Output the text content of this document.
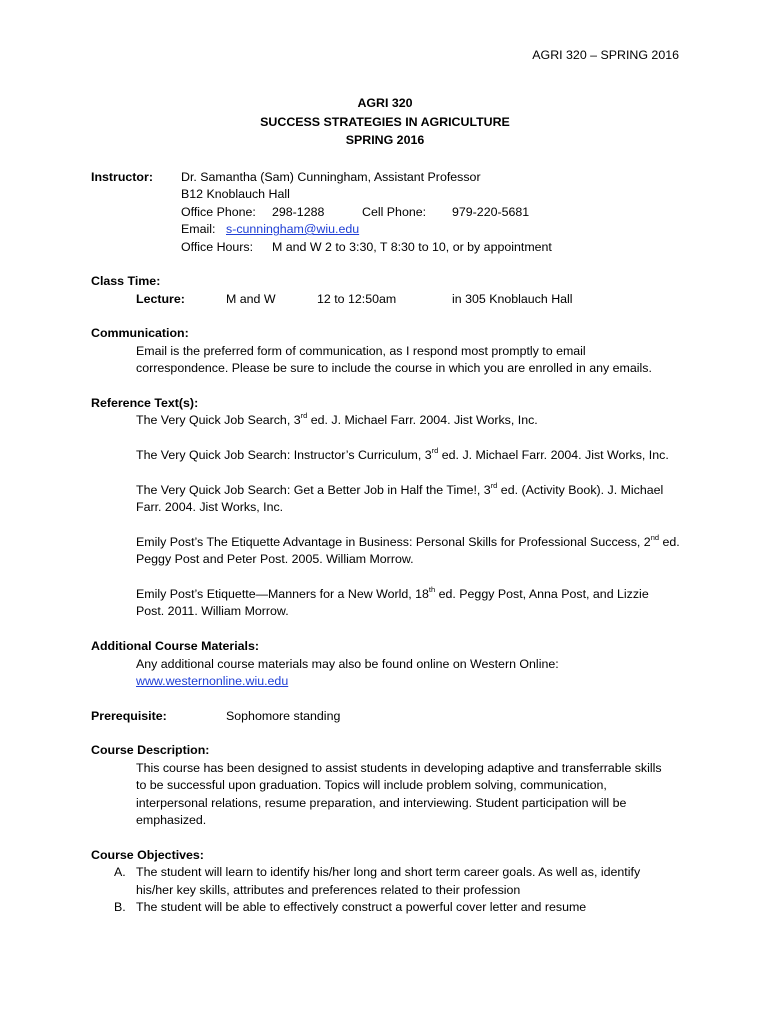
AGRI 320 – SPRING 2016
AGRI 320
SUCCESS STRATEGIES IN AGRICULTURE
SPRING 2016
Instructor: Dr. Samantha (Sam) Cunningham, Assistant Professor
B12 Knoblauch Hall
Office Phone: 298-1288	Cell Phone: 979-220-5681
Email: s-cunningham@wiu.edu
Office Hours: M and W 2 to 3:30, T 8:30 to 10, or by appointment
Class Time:
Lecture:	M and W	12 to 12:50am	in 305 Knoblauch Hall
Communication:
Email is the preferred form of communication, as I respond most promptly to email
correspondence. Please be sure to include the course in which you are enrolled in any emails.
Reference Text(s):
The Very Quick Job Search, 3rd ed. J. Michael Farr. 2004. Jist Works, Inc.
The Very Quick Job Search: Instructor’s Curriculum, 3rd ed. J. Michael Farr. 2004. Jist Works, Inc.
The Very Quick Job Search: Get a Better Job in Half the Time!, 3rd ed. (Activity Book). J. Michael
Farr. 2004. Jist Works, Inc.
Emily Post’s The Etiquette Advantage in Business: Personal Skills for Professional Success, 2nd ed.
Peggy Post and Peter Post. 2005. William Morrow.
Emily Post’s Etiquette—Manners for a New World, 18th ed. Peggy Post, Anna Post, and Lizzie
Post. 2011. William Morrow.
Additional Course Materials:
Any additional course materials may also be found online on Western Online:
www.westernonline.wiu.edu
Prerequisite:	Sophomore standing
Course Description:
This course has been designed to assist students in developing adaptive and transferrable skills
to be successful upon graduation. Topics will include problem solving, communication,
interpersonal relations, resume preparation, and interviewing. Student participation will be
emphasized.
Course Objectives:
A. The student will learn to identify his/her long and short term career goals. As well as, identify
his/her key skills, attributes and preferences related to their profession
B. The student will be able to effectively construct a powerful cover letter and resume
